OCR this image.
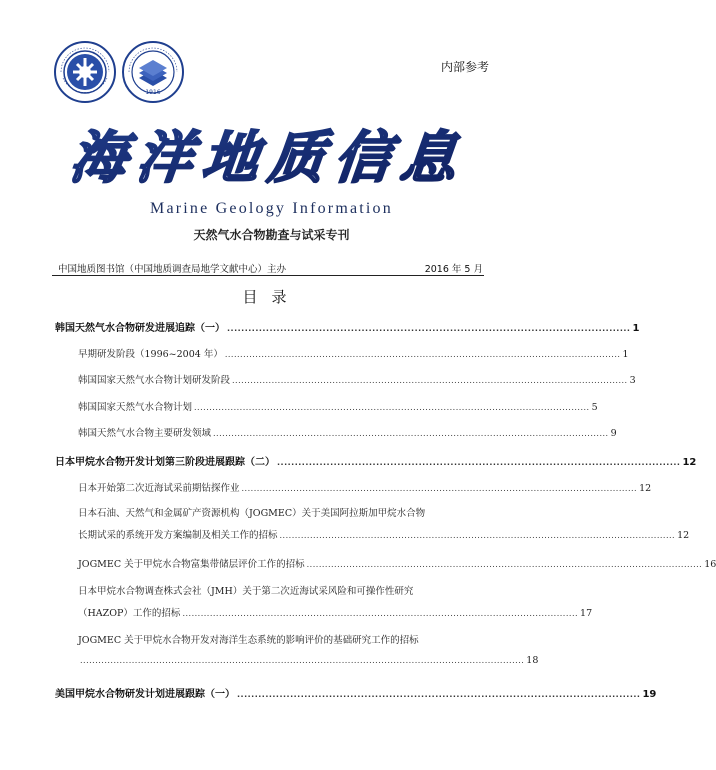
1916
内部参考
海洋地质信息
Marine Geology Information
天然气水合物勘查与试采专刊
中国地质图书馆（中国地质调查局地学文献中心）主办	2016 年 5 月
目录
韩国天然气水合物研发进展追踪（一） .................................................................................................................. 1
早期研发阶段（1996~2004 年） .................................................................................................................................. 1
韩国国家天然气水合物计划研发阶段 .................................................................................................................................. 3
韩国国家天然气水合物计划 .................................................................................................................................. 5
韩国天然气水合物主要研发领域 .................................................................................................................................. 9
日本甲烷水合物开发计划第三阶段进展跟踪（二） .................................................................................................................. 12
日本开始第二次近海试采前期钻探作业 .................................................................................................................................. 12
日本石油、天然气和金属矿产资源机构（JOGMEC）关于美国阿拉斯加甲烷水合物
长期试采的系统开发方案编制及相关工作的招标 .................................................................................................................................. 12
JOGMEC 关于甲烷水合物富集带储层评价工作的招标 .................................................................................................................................. 16
日本甲烷水合物调查株式会社（JMH）关于第二次近海试采风险和可操作性研究
（HAZOP）工作的招标 .................................................................................................................................. 17
JOGMEC 关于甲烷水合物开发对海洋生态系统的影响评价的基础研究工作的招标
.................................................................................................................................................. 18
美国甲烷水合物研发计划进展跟踪（一） .................................................................................................................. 19
